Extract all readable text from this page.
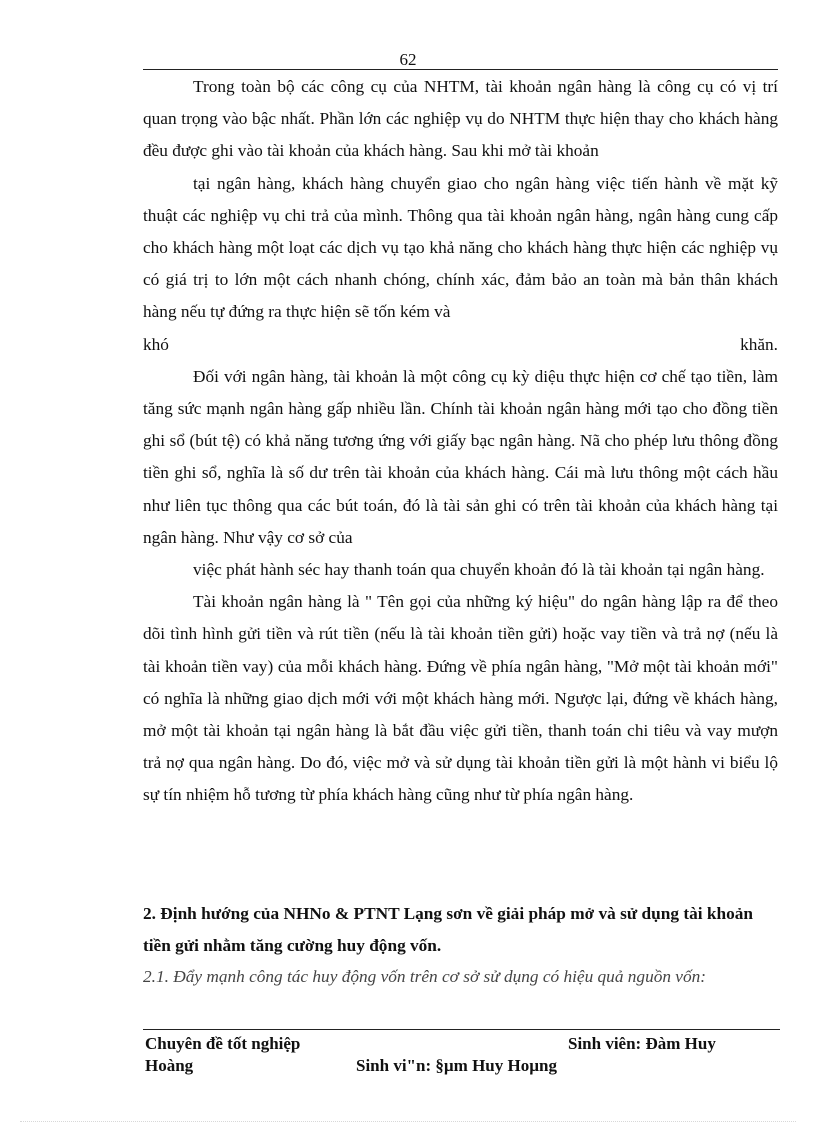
62
Trong toàn bộ các công cụ của NHTM, tài khoản ngân hàng là công cụ có vị trí quan trọng vào bậc nhất. Phần lớn các nghiệp vụ do NHTM thực hiện thay cho khách hàng đều được ghi vào tài khoản của khách hàng. Sau khi mở tài khoản
tại ngân hàng, khách hàng chuyển giao cho ngân hàng việc tiến hành về mặt kỹ thuật các nghiệp vụ chi trả của mình. Thông qua tài khoản ngân hàng, ngân hàng cung cấp cho khách hàng một loạt các dịch vụ tạo khả năng cho khách hàng thực hiện các nghiệp vụ có giá trị to lớn một cách nhanh chóng, chính xác, đảm bảo an toàn mà bản thân khách hàng nếu tự đứng ra thực hiện sẽ tốn kém và
khó	khăn.
Đối với ngân hàng, tài khoản là một công cụ kỳ diệu thực hiện cơ chế tạo tiền, làm tăng sức mạnh ngân hàng gấp nhiều lần. Chính tài khoản ngân hàng mới tạo cho đồng tiền ghi sổ (bút tệ) có khả năng tương ứng với giấy bạc ngân hàng. Nã cho phép lưu thông đồng tiền ghi sổ, nghĩa là số dư trên tài khoản của khách hàng. Cái mà lưu thông một cách hầu như liên tục thông qua các bút toán, đó là tài sản ghi có trên tài khoản của khách hàng tại ngân hàng. Như vậy cơ sở của
việc phát hành séc hay thanh toán qua chuyển khoản đó là tài khoản tại ngân hàng.
Tài khoản ngân hàng là " Tên gọi của những ký hiệu" do ngân hàng lập ra để theo dõi tình hình gửi tiền và rút tiền (nếu là tài khoản tiền gửi) hoặc vay tiền và trả nợ (nếu là tài khoản tiền vay) của mỗi khách hàng. Đứng về phía ngân hàng, "Mở một tài khoản mới" có nghĩa là những giao dịch mới với một khách hàng mới. Ngược lại, đứng về khách hàng, mở một tài khoản tại ngân hàng là bắt đầu việc gửi tiền, thanh toán chi tiêu và vay mượn trả nợ qua ngân hàng. Do đó, việc mở và sử dụng tài khoản tiền gửi là một hành vi biểu lộ sự tín nhiệm hỗ tương từ phía khách hàng cũng như từ phía ngân hàng.

2. Định hướng của NHNo & PTNT Lạng sơn về giải pháp mở và sử dụng tài khoản tiền gửi nhằm tăng cường huy động vốn.

2.1. Đẩy mạnh công tác huy động vốn trên cơ sở sử dụng có hiệu quả nguồn vốn:

Chuyên đề tốt nghiệp	Sinh viên: Đàm Huy
Hoàng	Sinh vi"n: §µm Huy Hoµng
